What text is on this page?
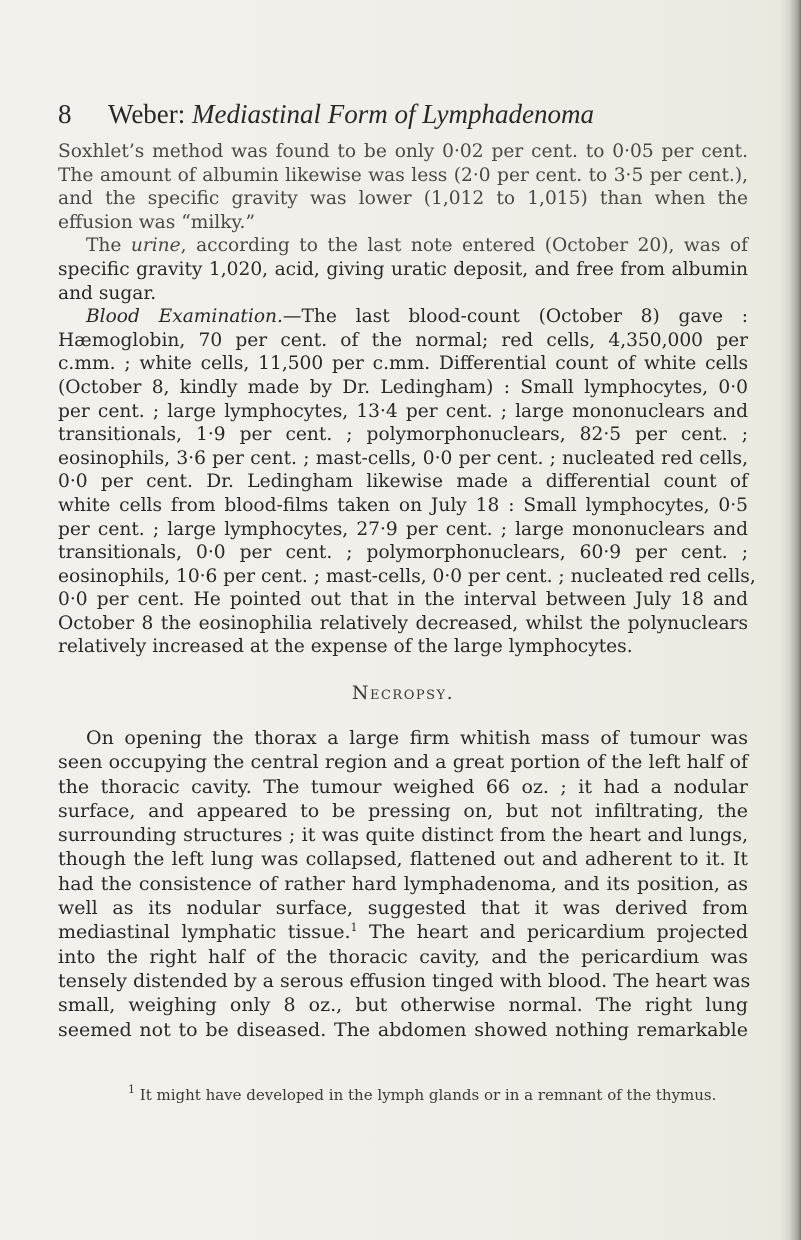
8 Weber: Mediastinal Form of Lymphadenoma
Soxhlet’s method was found to be only 0·02 per cent. to 0·05 per cent.
The amount of albumin likewise was less (2·0 per cent. to 3·5 per cent.),
and the specific gravity was lower (1,012 to 1,015) than when the
effusion was “milky.”
The urine, according to the last note entered (October 20), was of
specific gravity 1,020, acid, giving uratic deposit, and free from albumin
and sugar.
Blood Examination.—The last blood-count (October 8) gave :
Hæmoglobin, 70 per cent. of the normal; red cells, 4,350,000 per
c.mm. ; white cells, 11,500 per c.mm. Differential count of white cells
(October 8, kindly made by Dr. Ledingham) : Small lymphocytes, 0·0
per cent. ; large lymphocytes, 13·4 per cent. ; large mononuclears and
transitionals, 1·9 per cent. ; polymorphonuclears, 82·5 per cent. ;
eosinophils, 3·6 per cent. ; mast-cells, 0·0 per cent. ; nucleated red cells,
0·0 per cent. Dr. Ledingham likewise made a differential count of
white cells from blood-films taken on July 18 : Small lymphocytes, 0·5
per cent. ; large lymphocytes, 27·9 per cent. ; large mononuclears and
transitionals, 0·0 per cent. ; polymorphonuclears, 60·9 per cent. ;
eosinophils, 10·6 per cent. ; mast-cells, 0·0 per cent. ; nucleated red cells,
0·0 per cent. He pointed out that in the interval between July 18 and
October 8 the eosinophilia relatively decreased, whilst the polynuclears
relatively increased at the expense of the large lymphocytes.
Necropsy.
On opening the thorax a large firm whitish mass of tumour was
seen occupying the central region and a great portion of the left half of
the thoracic cavity. The tumour weighed 66 oz. ; it had a nodular
surface, and appeared to be pressing on, but not infiltrating, the
surrounding structures ; it was quite distinct from the heart and lungs,
though the left lung was collapsed, flattened out and adherent to it. It
had the consistence of rather hard lymphadenoma, and its position, as
well as its nodular surface, suggested that it was derived from
mediastinal lymphatic tissue.$^1$ The heart and pericardium projected
into the right half of the thoracic cavity, and the pericardium was
tensely distended by a serous effusion tinged with blood. The heart was
small, weighing only 8 oz., but otherwise normal. The right lung
seemed not to be diseased. The abdomen showed nothing remarkable
$^1$ It might have developed in the lymph glands or in a remnant of the thymus.
